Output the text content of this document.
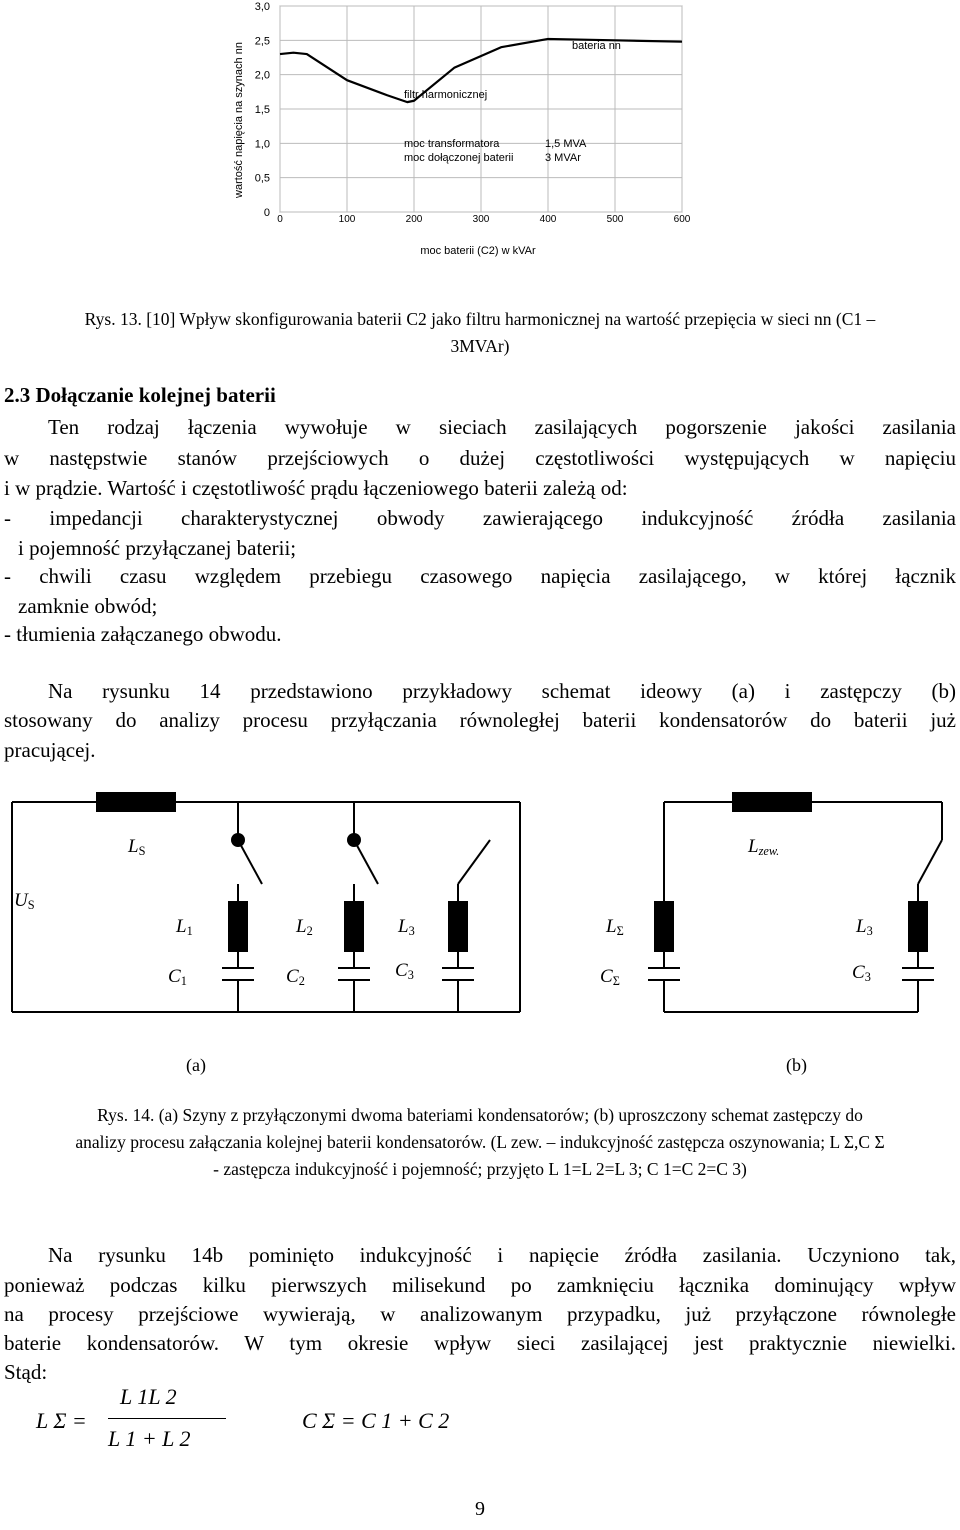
0
0,5
1,0
1,5
2,0
2,5
3,0
0	100	200	300	400	500	600
wartość napięcia na szynach nn
moc baterii (C2) w kVAr
bateria nn
filtr harmonicznej
moc transformatora	1,5 MVA
moc dołączonej baterii	3 MVAr
Rys. 13. [10] Wpływ skonfigurowania baterii C2 jako filtru harmonicznej na wartość przepięcia w sieci nn (C1 –
3MVAr)
2.3 Dołączanie kolejnej baterii
Ten rodzaj łączenia wywołuje w sieciach zasilających pogorszenie jakości zasilania
w następstwie stanów przejściowych o dużej częstotliwości występujących w napięciu
i w prądzie. Wartość i częstotliwość prądu łączeniowego baterii zależą od:
- impedancji charakterystycznej obwody zawierającego indukcyjność źródła zasilania
i pojemność przyłączanej baterii;
- chwili czasu względem przebiegu czasowego napięcia zasilającego, w której łącznik
zamknie obwód;
- tłumienia załączanego obwodu.
Na rysunku 14 przedstawiono przykładowy schemat ideowy (a) i zastępczy (b)
stosowany do analizy procesu przyłączania równoległej baterii kondensatorów do baterii już
pracującej.
$L_S$	$L_{zew.}$
$U_S$
$L_1$	$L_2$	$L_3$	$L_\Sigma$	$L_3$
$C_1$	$C_2$	$C_3$	$C_\Sigma$	$C_3$
(a)	(b)
Rys. 14. (a) Szyny z przyłączonymi dwoma bateriami kondensatorów; (b) uproszczony schemat zastępczy do
analizy procesu załączania kolejnej baterii kondensatorów. (L zew. – indukcyjność zastępcza oszynowania; L Σ,C Σ
- zastępcza indukcyjność i pojemność; przyjęto L 1=L 2=L 3; C 1=C 2=C 3)
Na rysunku 14b pominięto indukcyjność i napięcie źródła zasilania. Uczyniono tak,
ponieważ podczas kilku pierwszych milisekund po zamknięciu łącznika dominujący wpływ
na procesy przejściowe wywierają, w analizowanym przypadku, już przyłączone równoległe
baterie kondensatorów. W tym okresie wpływ sieci zasilającej jest praktycznie niewielki.
Stąd:
L Σ =
L 1L 2
L 1 + L 2
C Σ = C 1 + C 2
9
